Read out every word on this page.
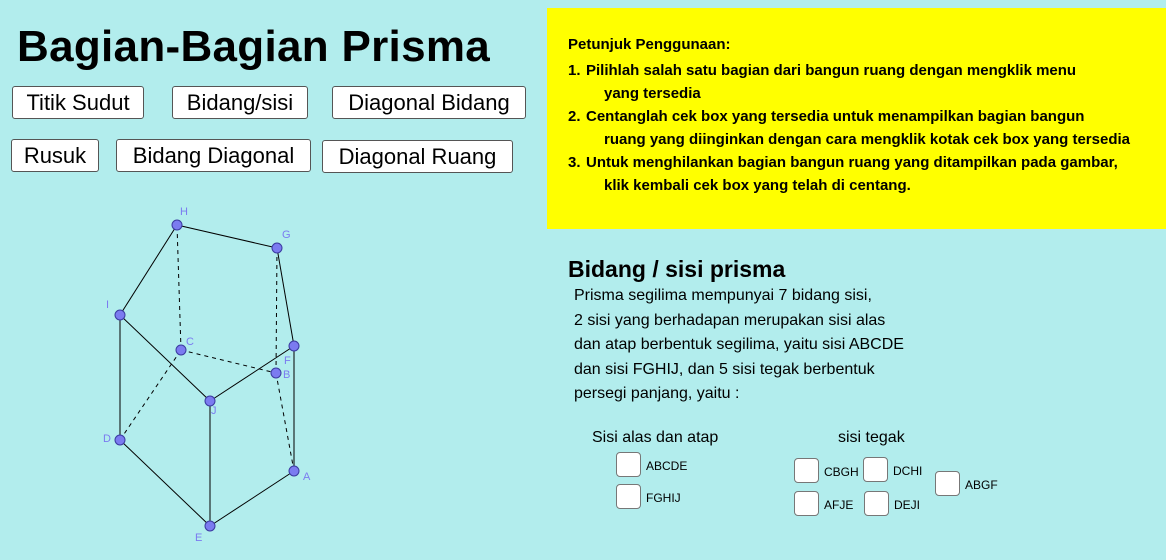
Bagian-Bagian Prisma
Titik Sudut	Bidang/sisi	Diagonal Bidang
Rusuk	Bidang Diagonal	Diagonal Ruang
Petunjuk Penggunaan:
1. Pilihlah salah satu bagian dari bangun ruang dengan mengklik menu
yang tersedia
2. Centanglah cek box yang tersedia untuk menampilkan bagian bangun
ruang yang diinginkan dengan cara mengklik kotak cek box yang tersedia
3. Untuk menghilankan bagian bangun ruang yang ditampilkan pada gambar,
klik kembali cek box yang telah di centang.
Bidang / sisi prisma
Prisma segilima mempunyai 7 bidang sisi,
2 sisi yang berhadapan merupakan sisi alas
dan atap berbentuk segilima, yaitu sisi ABCDE
dan sisi FGHIJ, dan 5 sisi tegak berbentuk
persegi panjang, yaitu :
Sisi alas dan atap
ABCDE
FGHIJ
sisi tegak
CBGH	DCHI
ABGF
AFJE	DEJI
A
B
C
D
E
F
G
H
I
J
